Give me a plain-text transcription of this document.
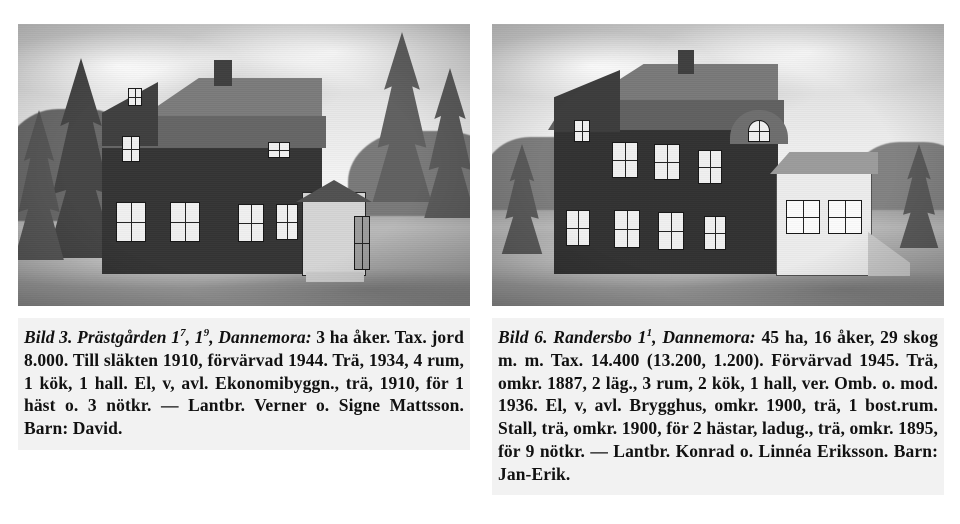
Bild 3. Prästgården $1^7$, $1^9$, Dannemora: 3 ha åker. Tax. jord 8.000. Till släkten 1910, förvärvad 1944. Trä, 1934, 4 rum, 1 kök, 1 hall. El, v, avl. Ekonomibyggn., trä, 1910, för 1 häst o. 3 nötkr. — Lantbr. Verner o. Signe Mattsson. Barn: David.
Bild 6. Randersbo $1^1$, Dannemora: 45 ha, 16 åker, 29 skog m. m. Tax. 14.400 (13.200, 1.200). Förvärvad 1945. Trä, omkr. 1887, 2 läg., 3 rum, 2 kök, 1 hall, ver. Omb. o. mod. 1936. El, v, avl. Brygghus, omkr. 1900, trä, 1 bost.rum. Stall, trä, omkr. 1900, för 2 hästar, ladug., trä, omkr. 1895, för 9 nötkr. — Lantbr. Konrad o. Linnéa Eriksson. Barn: Jan-Erik.
